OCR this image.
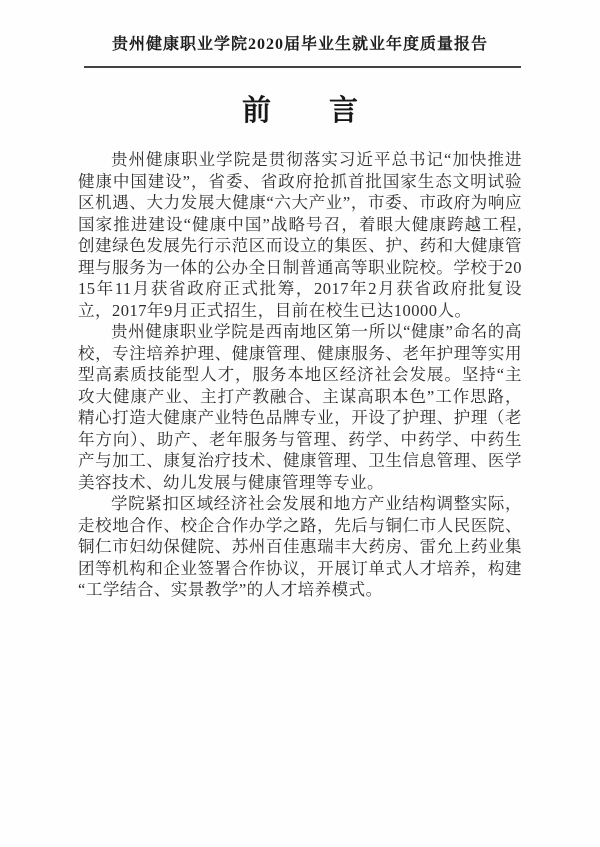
贵州健康职业学院2020届毕业生就业年度质量报告
前　　言

贵州健康职业学院是贯彻落实习近平总书记“加快推进健康中国建设”，省委、省政府抢抓首批国家生态文明试验区机遇、大力发展大健康“六大产业”，市委、市政府为响应国家推进建设“健康中国”战略号召，着眼大健康跨越工程,创建绿色发展先行示范区而设立的集医、护、药和大健康管理与服务为一体的公办全日制普通高等职业院校。学校于2015年11月获省政府正式批筹，2017年2月获省政府批复设立，2017年9月正式招生，目前在校生已达10000人。

贵州健康职业学院是西南地区第一所以“健康”命名的高校，专注培养护理、健康管理、健康服务、老年护理等实用型高素质技能型人才，服务本地区经济社会发展。坚持“主攻大健康产业、主打产教融合、主谋高职本色”工作思路，精心打造大健康产业特色品牌专业，开设了护理、护理（老年方向）、助产、老年服务与管理、药学、中药学、中药生产与加工、康复治疗技术、健康管理、卫生信息管理、医学美容技术、幼儿发展与健康管理等专业。

学院紧扣区域经济社会发展和地方产业结构调整实际，走校地合作、校企合作办学之路，先后与铜仁市人民医院、铜仁市妇幼保健院、苏州百佳惠瑞丰大药房、雷允上药业集团等机构和企业签署合作协议，开展订单式人才培养，构建“工学结合、实景教学”的人才培养模式。
